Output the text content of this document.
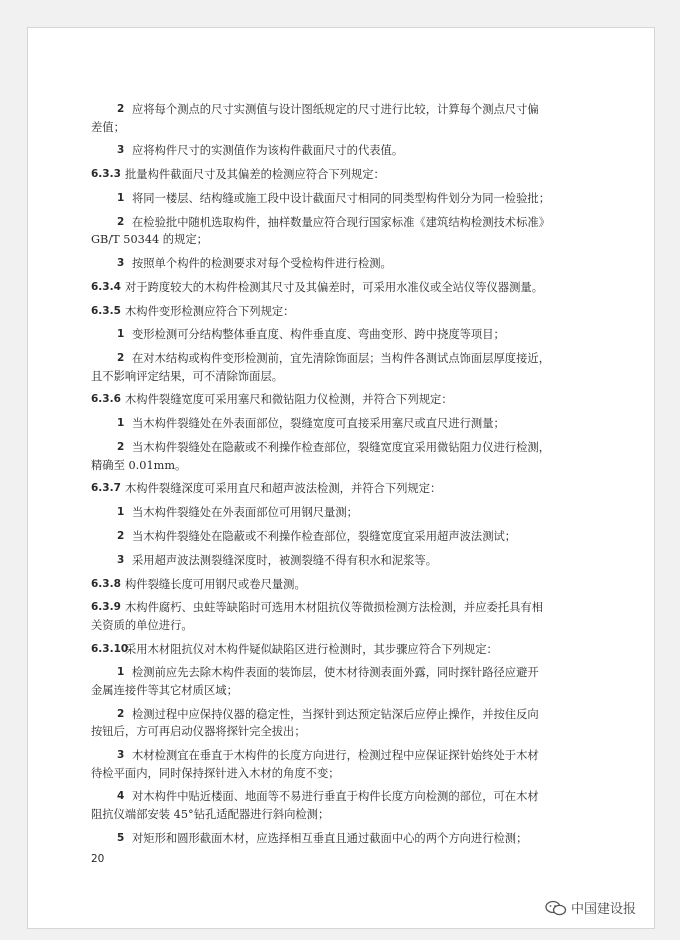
2 应将每个测点的尺寸实测值与设计图纸规定的尺寸进行比较，计算每个测点尺寸偏
差值；
3 应将构件尺寸的实测值作为该构件截面尺寸的代表值。
6.3.3 批量构件截面尺寸及其偏差的检测应符合下列规定：
1 将同一楼层、结构缝或施工段中设计截面尺寸相同的同类型构件划分为同一检验批；
2 在检验批中随机选取构件，抽样数量应符合现行国家标准《建筑结构检测技术标准》
GB/T 50344 的规定；
3 按照单个构件的检测要求对每个受检构件进行检测。
6.3.4 对于跨度较大的木构件检测其尺寸及其偏差时，可采用水准仪或全站仪等仪器测量。
6.3.5 木构件变形检测应符合下列规定：
1 变形检测可分结构整体垂直度、构件垂直度、弯曲变形、跨中挠度等项目；
2 在对木结构或构件变形检测前，宜先清除饰面层；当构件各测试点饰面层厚度接近，
且不影响评定结果，可不清除饰面层。
6.3.6 木构件裂缝宽度可采用塞尺和微钻阻力仪检测，并符合下列规定：
1 当木构件裂缝处在外表面部位，裂缝宽度可直接采用塞尺或直尺进行测量；
2 当木构件裂缝处在隐蔽或不利操作检查部位，裂缝宽度宜采用微钻阻力仪进行检测，
精确至 0.01mm。
6.3.7 木构件裂缝深度可采用直尺和超声波法检测，并符合下列规定：
1 当木构件裂缝处在外表面部位可用钢尺量测；
2 当木构件裂缝处在隐蔽或不利操作检查部位，裂缝宽度宜采用超声波法测试；
3 采用超声波法测裂缝深度时，被测裂缝不得有积水和泥浆等。
6.3.8 构件裂缝长度可用钢尺或卷尺量测。
6.3.9 木构件腐朽、虫蛀等缺陷时可选用木材阻抗仪等微损检测方法检测，并应委托具有相
关资质的单位进行。
6.3.10
采用木材阻抗仪对木构件疑似缺陷区进行检测时，其步骤应符合下列规定：
1 检测前应先去除木构件表面的装饰层，使木材待测表面外露，同时探针路径应避开
金属连接件等其它材质区域；
2 检测过程中应保持仪器的稳定性，当探针到达预定钻深后应停止操作，并按住反向
按钮后，方可再启动仪器将探针完全拔出；
3 木材检测宜在垂直于木构件的长度方向进行，检测过程中应保证探针始终处于木材
待检平面内，同时保持探针进入木材的角度不变；
4 对木构件中贴近楼面、地面等不易进行垂直于构件长度方向检测的部位，可在木材
阻抗仪端部安装 45°钻孔适配器进行斜向检测；
5 对矩形和圆形截面木材，应选择相互垂直且通过截面中心的两个方向进行检测；
20
中国建设报
